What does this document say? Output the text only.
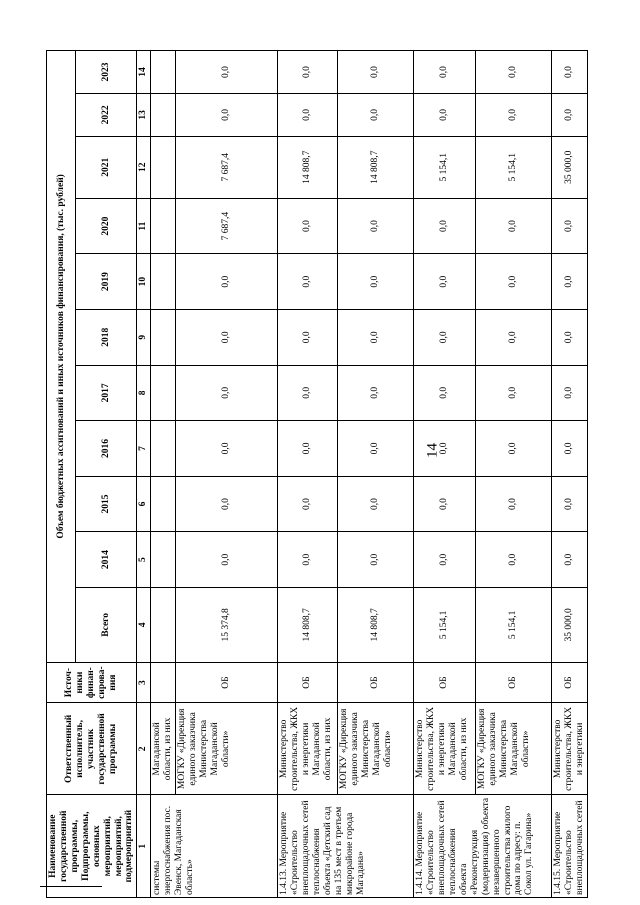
14
Наименование государственной программы, Подпрограммы, основных мероприятий, мероприятий, подмероприятий	Ответственный исполнитель, участник государственной программы	Источ-ники финан-сирова-ния	Объем бюджетных ассигнований и иных источников финансирования, (тыс. рублей)										
			Всего	2014	2015	2016	2017	2018	2019	2020	2021	2022	2023
1	2	3	4	5	6	7	8	9	10	11	12	13	14
системы энергоснабжения пос. Эвенск, Магаданская область»	Магаданской области, из них												
	МОГКУ «Дирекция единого заказчика Министерства Магаданской области»	ОБ	15 374,8	0,0	0,0	0,0	0,0	0,0	0,0	7 687,4	7 687,4	0,0	0,0
1.4.13. Мероприятие «Строительство внеплощадочных сетей теплоснабжения объекта «Детский сад на 135 мест в третьем микрорайоне города Магадана»	Министерство строительства, ЖКХ и энергетики Магаданской области, из них	ОБ	14 808,7	0,0	0,0	0,0	0,0	0,0	0,0	0,0	14 808,7	0,0	0,0
	МОГКУ «Дирекция единого заказчика Министерства Магаданской области»	ОБ	14 808,7	0,0	0,0	0,0	0,0	0,0	0,0	0,0	14 808,7	0,0	0,0
1.4.14. Мероприятие «Строительство внеплощадочных сетей теплоснабжения объекта «Реконструкция (модернизация) объекта незавершенного строительства жилого дома по адресу: п. Сокол ул. Гагарина»	Министерство строительства, ЖКХ и энергетики Магаданской области, из них	ОБ	5 154,1	0,0	0,0	0,0	0,0	0,0	0,0	0,0	5 154,1	0,0	0,0
	МОГКУ «Дирекция единого заказчика Министерства Магаданской области»	ОБ	5 154,1	0,0	0,0	0,0	0,0	0,0	0,0	0,0	5 154,1	0,0	0,0
1.4.15. Мероприятие «Строительство внеплощадочных сетей	Министерство строительства, ЖКХ и энергетики	ОБ	35 000,0	0,0	0,0	0,0	0,0	0,0	0,0	0,0	35 000,0	0,0	0,0
